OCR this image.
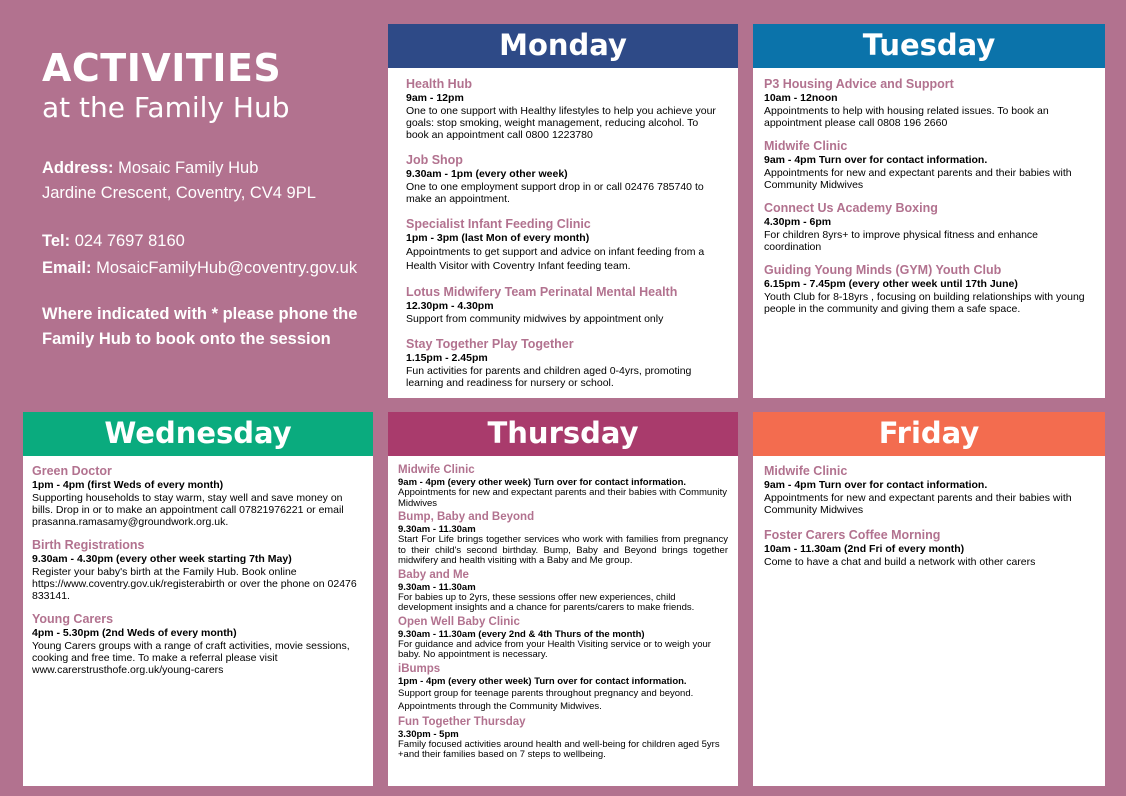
ACTIVITIES
at the Family Hub
Address: Mosaic Family Hub
Jardine Crescent, Coventry, CV4 9PL
Tel: 024 7697 8160
Email: MosaicFamilyHub@coventry.gov.uk
Where indicated with * please phone the Family Hub to book onto the session
Monday
Health Hub
9am - 12pm
One to one support with Healthy lifestyles to help you achieve your goals: stop smoking, weight management, reducing alcohol. To book an appointment call 0800 1223780
Job Shop
9.30am - 1pm (every other week)
One to one employment support drop in or call 02476 785740 to make an appointment.
Specialist Infant Feeding Clinic
1pm - 3pm (last Mon of every month)
Appointments to get support and advice on infant feeding from a Health Visitor with Coventry Infant feeding team.
Lotus Midwifery Team Perinatal Mental Health
12.30pm - 4.30pm
Support from community midwives by appointment only
Stay Together Play Together
1.15pm - 2.45pm
Fun activities for parents and children aged 0-4yrs, promoting learning and readiness for nursery or school.
Tuesday
P3 Housing Advice and Support
10am - 12noon
Appointments to help with housing related issues. To book an appointment please call 0808 196 2660
Midwife Clinic
9am - 4pm Turn over for contact information.
Appointments for new and expectant parents and their babies with Community Midwives
Connect Us Academy Boxing
4.30pm - 6pm
For children 8yrs+ to improve physical fitness and enhance coordination
Guiding Young Minds (GYM) Youth Club
6.15pm - 7.45pm (every other week until 17th June)
Youth Club for 8-18yrs , focusing on building relationships with young people in the community and giving them a safe space.
Wednesday
Green Doctor
1pm - 4pm (first Weds of every month)
Supporting households to stay warm, stay well and save money on bills. Drop in or to make an appointment call 07821976221 or email prasanna.ramasamy@groundwork.org.uk.
Birth Registrations
9.30am - 4.30pm (every other week starting 7th May)
Register your baby's birth at the Family Hub. Book online https://www.coventry.gov.uk/registerabirth or over the phone on 02476 833141.
Young Carers
4pm - 5.30pm (2nd Weds of every month)
Young Carers groups with a range of craft activities, movie sessions, cooking and free time. To make a referral please visit www.carerstrusthofe.org.uk/young-carers
Thursday
Midwife Clinic
9am - 4pm (every other week) Turn over for contact information.
Appointments for new and expectant parents and their babies with Community Midwives
Bump, Baby and Beyond
9.30am - 11.30am
Start For Life brings together services who work with families from pregnancy to their child's second birthday. Bump, Baby and Beyond brings together midwifery and health visiting with a Baby and Me group.
Baby and Me
9.30am - 11.30am
For babies up to 2yrs, these sessions offer new experiences, child development insights and a chance for parents/carers to make friends.
Open Well Baby Clinic
9.30am - 11.30am (every 2nd & 4th Thurs of the month)
For guidance and advice from your Health Visiting service or to weigh your baby. No appointment is necessary.
iBumps
1pm - 4pm (every other week) Turn over for contact information.
Support group for teenage parents throughout pregnancy and beyond.
Appointments through the Community Midwives.
Fun Together Thursday
3.30pm - 5pm
Family focused activities around health and well-being for children aged 5yrs +and their families based on 7 steps to wellbeing.
Friday
Midwife Clinic
9am - 4pm Turn over for contact information.
Appointments for new and expectant parents and their babies with Community Midwives
Foster Carers Coffee Morning
10am - 11.30am (2nd Fri of every month)
Come to have a chat and build a network with other carers
